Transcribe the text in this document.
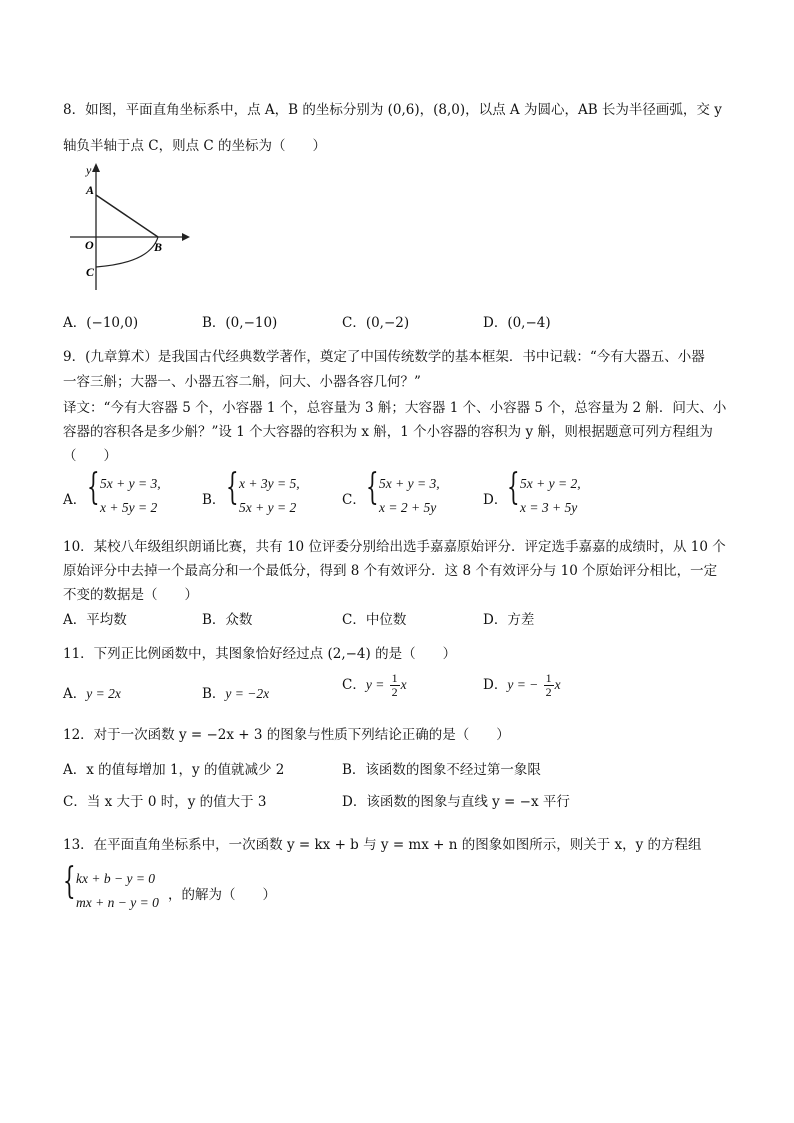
8．如图，平面直角坐标系中，点 A，B 的坐标分别为 (0,6)，(8,0)，以点 A 为圆心，AB 长为半径画弧，交 y
轴负半轴于点 C，则点 C 的坐标为（　　）
y
A
O	B
C
A．(−10,0)	B．(0,−10)	C．(0,−2)	D．(0,−4)
9．(九章算术）是我国古代经典数学著作，奠定了中国传统数学的基本框架．书中记载：“今有大器五、小器
一容三斛；大器一、小器五容二斛，问大、小器各容几何？”
译文：“今有大容器 5 个，小容器 1 个，总容量为 3 斛；大容器 1 个、小容器 5 个，总容量为 2 斛．问大、小
容器的容积各是多少斛？”设 1 个大容器的容积为 x 斛，1 个小容器的容积为 y 斛，则根据题意可列方程组为
（　　）
A． { 5x + y = 3,
x + 5y = 2	B． { x + 3y = 5,
5x + y = 2	C． { 5x + y = 3,
x = 2 + 5y	D． { 5x + y = 2,
x = 3 + 5y
10．某校八年级组织朗诵比赛，共有 10 位评委分别给出选手嘉嘉原始评分．评定选手嘉嘉的成绩时，从 10 个
原始评分中去掉一个最高分和一个最低分，得到 8 个有效评分．这 8 个有效评分与 10 个原始评分相比，一定
不变的数据是（　　）
A．平均数	B．众数	C．中位数	D．方差
11．下列正比例函数中，其图象恰好经过点 (2,−4) 的是（　　）
A．y = 2x	B．y = −2x
C．$y = \frac{1}{2}$ x	D．y = − $\frac{1}{2}$ x
12．对于一次函数 y = −2x + 3 的图象与性质下列结论正确的是（　　）
A．x 的值每增加 1，y 的值就减少 2	B．该函数的图象不经过第一象限
C．当 x 大于 0 时，y 的值大于 3	D．该函数的图象与直线 y = −x 平行
13．在平面直角坐标系中，一次函数 y = kx + b 与 y = mx + n 的图象如图所示，则关于 x，y 的方程组
{ kx + b − y = 0
mx + n − y = 0 ，的解为（　　）
